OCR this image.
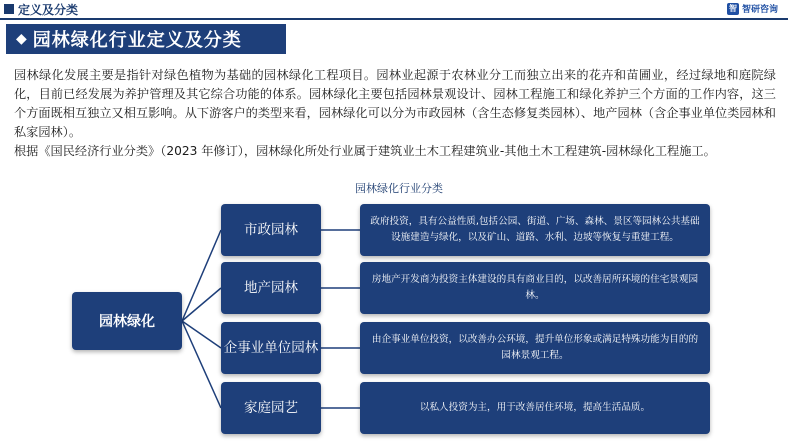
定义及分类	智 智研咨询
◆ 园林绿化行业定义及分类
园林绿化发展主要是指针对绿色植物为基础的园林绿化工程项目。园林业起源于农林业分工而独立出来的花卉和苗圃业，经过绿地和庭院绿化，目前已经发展为养护管理及其它综合功能的体系。园林绿化主要包括园林景观设计、园林工程施工和绿化养护三个方面的工作内容，这三个方面既相互独立又相互影响。从下游客户的类型来看，园林绿化可以分为市政园林（含生态修复类园林）、地产园林（含企事业单位类园林和私家园林）。
根据《国民经济行业分类》（2023 年修订），园林绿化所处行业属于建筑业土木工程建筑业-其他土木工程建筑-园林绿化工程施工。
园林绿化行业分类
园林绿化
市政园林
地产园林
企事业单位园林
家庭园艺
政府投资，具有公益性质,包括公园、街道、广场、森林、景区等园林公共基础设施建造与绿化，以及矿山、道路、水利、边坡等恢复与重建工程。
房地产开发商为投资主体建设的具有商业目的，以改善居所环境的住宅景观园林。
由企事业单位投资，以改善办公环境，提升单位形象或满足特殊功能为目的的园林景观工程。
以私人投资为主，用于改善居住环境，提高生活品质。
